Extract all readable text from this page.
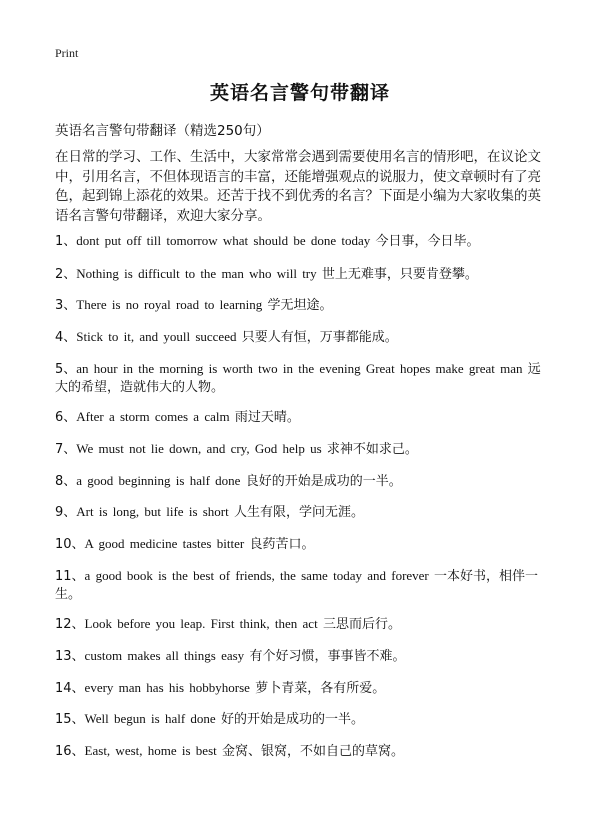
Print
英语名言警句带翻译
英语名言警句带翻译（精选250句）
在日常的学习、工作、生活中，大家常常会遇到需要使用名言的情形吧，在议论文中，引用名言，不但体现语言的丰富，还能增强观点的说服力，使文章顿时有了亮色，起到锦上添花的效果。还苦于找不到优秀的名言？下面是小编为大家收集的英语名言警句带翻译，欢迎大家分享。
1、dont put off till tomorrow what should be done today 今日事，今日毕。
2、Nothing is difficult to the man who will try 世上无难事，只要肯登攀。
3、There is no royal road to learning 学无坦途。
4、Stick to it, and youll succeed 只要人有恒，万事都能成。
5、an hour in the morning is worth two in the evening Great hopes make great man 远大的希望，造就伟大的人物。
6、After a storm comes a calm 雨过天晴。
7、We must not lie down, and cry, God help us 求神不如求己。
8、a good beginning is half done 良好的开始是成功的一半。
9、Art is long, but life is short 人生有限，学问无涯。
10、A good medicine tastes bitter 良药苦口。
11、a good book is the best of friends, the same today and forever 一本好书，相伴一生。
12、Look before you leap. First think, then act 三思而后行。
13、custom makes all things easy 有个好习惯，事事皆不难。
14、every man has his hobbyhorse 萝卜青菜，各有所爱。
15、Well begun is half done 好的开始是成功的一半。
16、East, west, home is best 金窝、银窝，不如自己的草窝。
